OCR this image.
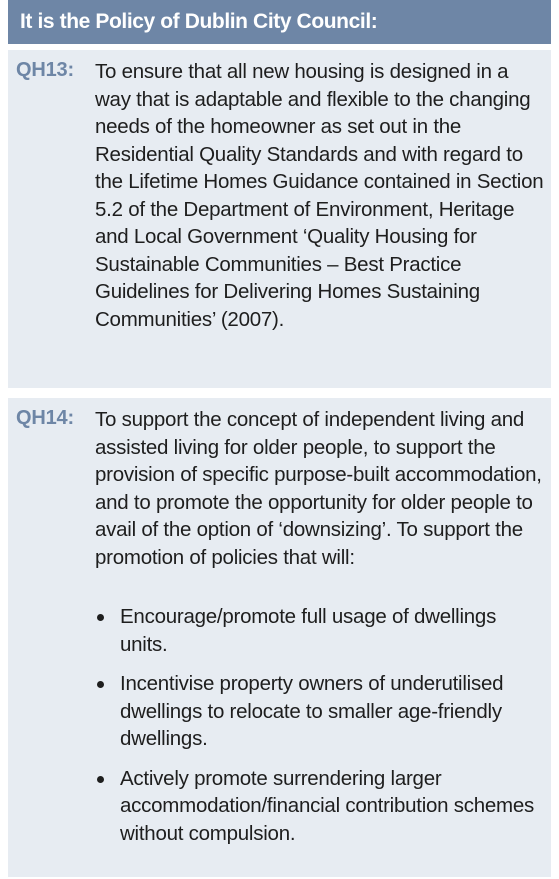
It is the Policy of Dublin City Council:
QH13: To ensure that all new housing is designed in a way that is adaptable and flexible to the changing needs of the homeowner as set out in the Residential Quality Standards and with regard to the Lifetime Homes Guidance contained in Section 5.2 of the Department of Environment, Heritage and Local Government ‘Quality Housing for Sustainable Communities – Best Practice Guidelines for Delivering Homes Sustaining Communities’ (2007).
QH14: To support the concept of independent living and assisted living for older people, to support the provision of specific purpose-built accommodation, and to promote the opportunity for older people to avail of the option of ‘downsizing’. To support the promotion of policies that will:
Encourage/promote full usage of dwellings units.
Incentivise property owners of underutilised dwellings to relocate to smaller age-friendly dwellings.
Actively promote surrendering larger accommodation/financial contribution schemes without compulsion.
